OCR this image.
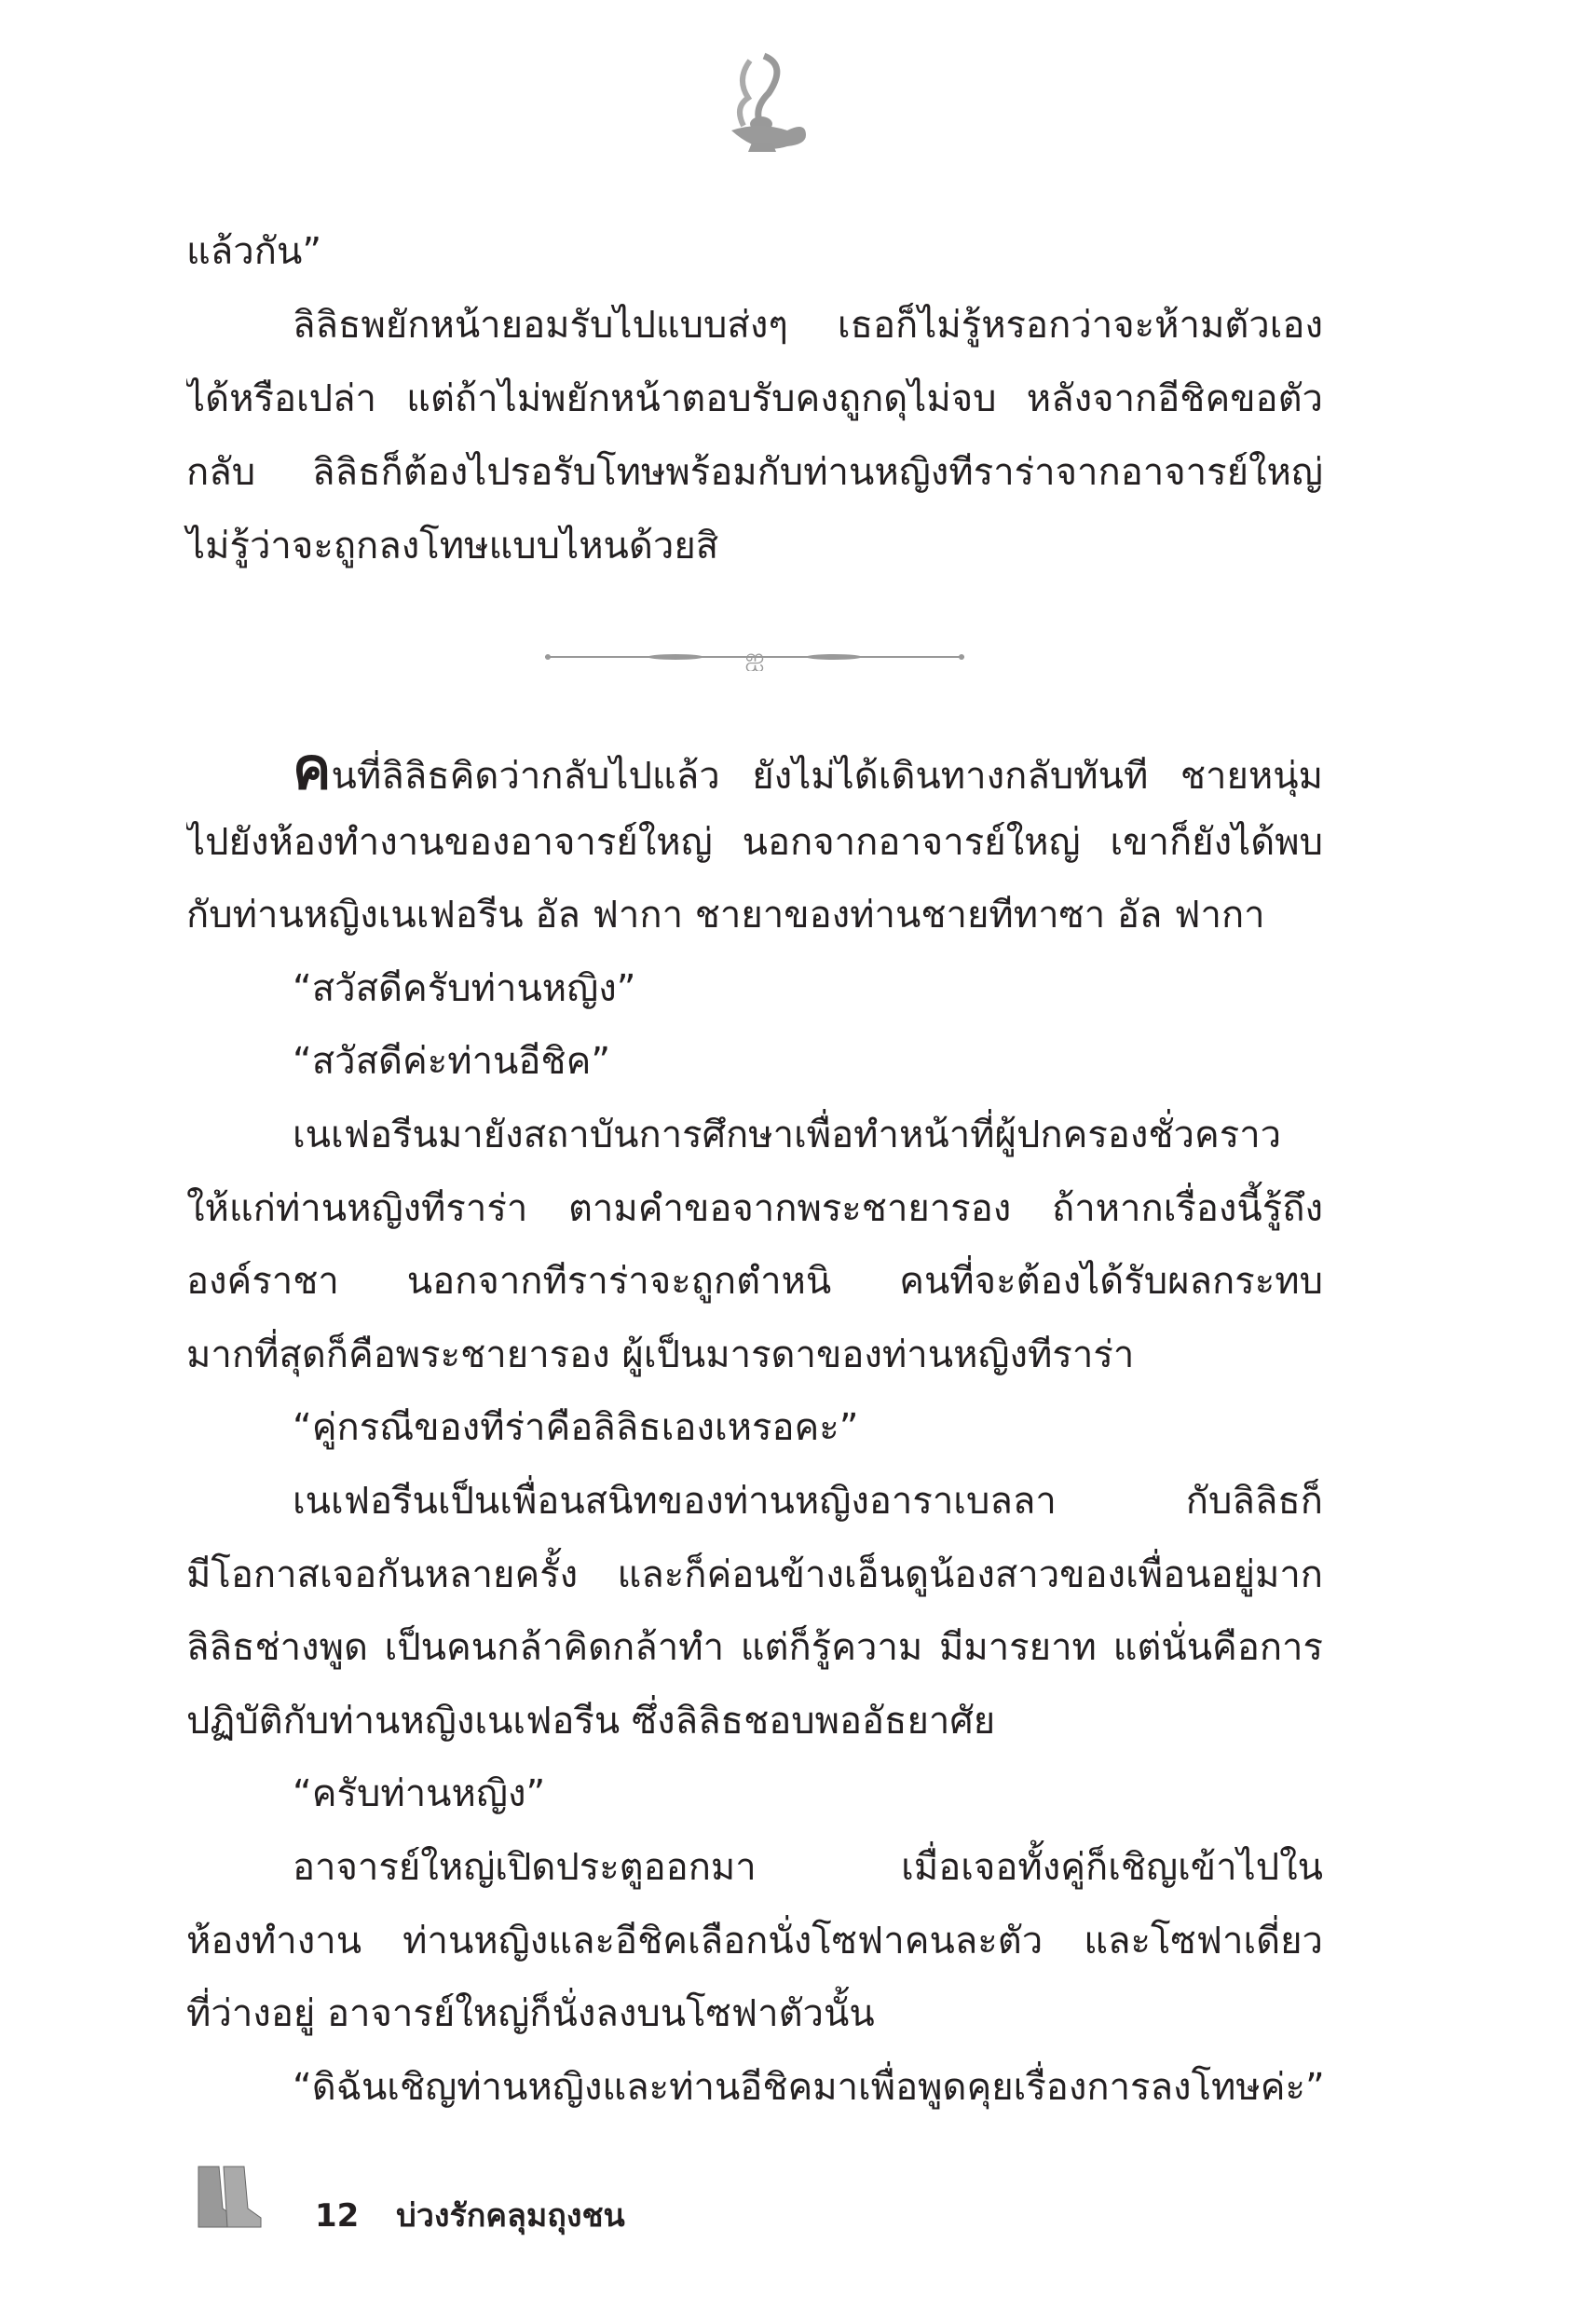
แล้วกัน”
ลิลิธพยักหน้ายอมรับไปแบบส่งๆ เธอก็ไม่รู้หรอกว่าจะห้ามตัวเอง
ได้หรือเปล่า แต่ถ้าไม่พยักหน้าตอบรับคงถูกดุไม่จบ หลังจากอีชิคขอตัว
กลับ ลิลิธก็ต้องไปรอรับโทษพร้อมกับท่านหญิงทีราร่าจากอาจารย์ใหญ่
ไม่รู้ว่าจะถูกลงโทษแบบไหนด้วยสิ
ஐ
คนที่ลิลิธคิดว่ากลับไปแล้ว ยังไม่ได้เดินทางกลับทันที ชายหนุ่ม
ไปยังห้องทำงานของอาจารย์ใหญ่ นอกจากอาจารย์ใหญ่ เขาก็ยังได้พบ
กับท่านหญิงเนเฟอรีน อัล ฟากา ชายาของท่านชายทีทาซา อัล ฟากา
“สวัสดีครับท่านหญิง”
“สวัสดีค่ะท่านอีชิค”
เนเฟอรีนมายังสถาบันการศึกษาเพื่อทำหน้าที่ผู้ปกครองชั่วคราว
ให้แก่ท่านหญิงทีราร่า ตามคำขอจากพระชายารอง ถ้าหากเรื่องนี้รู้ถึง
องค์ราชา นอกจากทีราร่าจะถูกตำหนิ คนที่จะต้องได้รับผลกระทบ
มากที่สุดก็คือพระชายารอง ผู้เป็นมารดาของท่านหญิงทีราร่า
“คู่กรณีของทีร่าคือลิลิธเองเหรอคะ”
เนเฟอรีนเป็นเพื่อนสนิทของท่านหญิงอาราเบลลา กับลิลิธก็
มีโอกาสเจอกันหลายครั้ง และก็ค่อนข้างเอ็นดูน้องสาวของเพื่อนอยู่มาก
ลิลิธช่างพูด เป็นคนกล้าคิดกล้าทำ แต่ก็รู้ความ มีมารยาท แต่นั่นคือการ
ปฏิบัติกับท่านหญิงเนเฟอรีน ซึ่งลิลิธชอบพออัธยาศัย
“ครับท่านหญิง”
อาจารย์ใหญ่เปิดประตูออกมา เมื่อเจอทั้งคู่ก็เชิญเข้าไปใน
ห้องทำงาน ท่านหญิงและอีชิคเลือกนั่งโซฟาคนละตัว และโซฟาเดี่ยว
ที่ว่างอยู่ อาจารย์ใหญ่ก็นั่งลงบนโซฟาตัวนั้น
“ดิฉันเชิญท่านหญิงและท่านอีชิคมาเพื่อพูดคุยเรื่องการลงโทษค่ะ”
12 บ่วงรักคลุมถุงชน
